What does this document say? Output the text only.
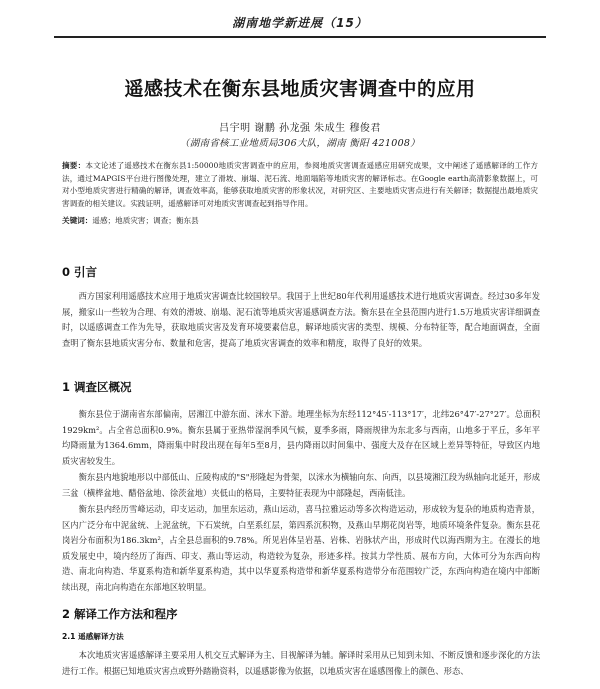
湖南地学新进展（15）
遥感技术在衡东县地质灾害调查中的应用
吕宇明 谢鹏 孙龙强 朱成生 穆俊君
（湖南省核工业地质局306大队，湖南 衡阳 421008）
摘要：本文论述了遥感技术在衡东县1:50000地质灾害调查中的应用，参阅地质灾害调查遥感应用研究成果，文中阐述了遥感解译的工作方法，通过MAPGIS平台进行图像处理，建立了滑坡、崩塌、泥石流、地面塌陷等地质灾害的解译标志。在Google earth高清影象数据上，可对小型地质灾害进行精确的解译，调查效率高，能够获取地质灾害的形象状况，对研究区、主要地质灾害点进行有关解译；数据提出最地质灾害调查的相关建议。实践证明，遥感解译可对地质灾害调查起到指导作用。
关键词：遥感；地质灾害；调查；衡东县
0 引言
西方国家利用遥感技术应用于地质灾害调查比较国较早。我国于上世纪80年代利用遥感技术进行地质灾害调查。经过30多年发展，搬家山一些较为合理、有效的滑坡、崩塌、泥石流等地质灾害遥感调查方法。衡东县在全县范围内进行1.5万地质灾害详细调查时，以遥感调查工作为先导，获取地质灾害及发育环境要素信息，解译地质灾害的类型、规模、分布特征等，配合地面调查，全面查明了衡东县地质灾害分布、数量和危害，提高了地质灾害调查的效率和精度，取得了良好的效果。
1 调查区概况
衡东县位于湖南省东部偏南，居湘江中游东面、洣水下游。地理坐标为东经112°45′-113°17′，北纬26°47′-27°27′。总面积1929km²。占全省总面积0.9%。衡东县属于亚热带湿润季风气候，夏季多雨，降雨规律为东北多与西南，山地多于平丘，多年平均降雨量为1364.6mm，降雨集中时段出现在每年5至8月，县内降雨以时间集中、强度大及存在区域上差异等特征，导致区内地质灾害较发生。
衡东县内地貌地形以中部低山、丘陵构成的"S"形隆起为骨架，以洣水为横轴向东、向西，以县境湘江段为纵轴向北延开，形成三盆（横桦盆地、醋俗盆地、徐茨盆地）夹低山的格局，主要特征表现为中部隆起，西南低洼。
衡东县内经历雪峰运动，印支运动，加里东运动，燕山运动，喜马拉雅运动等多次构造运动，形成较为复杂的地质构造背景，区内广泛分布中泥盆统、上泥盆统，下石炭统，白垩系红层，第四系沉积物，及燕山早期花岗岩等，地质环境条件复杂。衡东县花岗岩分布面积为186.3km²，占全县总面积的9.78%。所见岩体呈岩基、岩株、岩脉状产出，形成时代以海西期为主。在漫长的地质发展史中，境内经历了海西、印支、燕山等运动，构造较为复杂，形迹多样。按其力学性质、展布方向，大体可分为东西向构造、南北向构造、华夏系构造和新华夏系构造，其中以华夏系构造带和新华夏系构造带分布范围较广泛，东西向构造在境内中部断续出现，南北向构造在东部地区较明显。
2 解译工作方法和程序
2.1 遥感解译方法
本次地质灾害遥感解译主要采用人机交互式解译为主、目视解译为辅。解译时采用从已知到未知、不断反馈和逐步深化的方法进行工作。根据已知地质灾害点或野外踏勘资料，以遥感影像为依据，以地质灾害在遥感图像上的颜色、形态、
